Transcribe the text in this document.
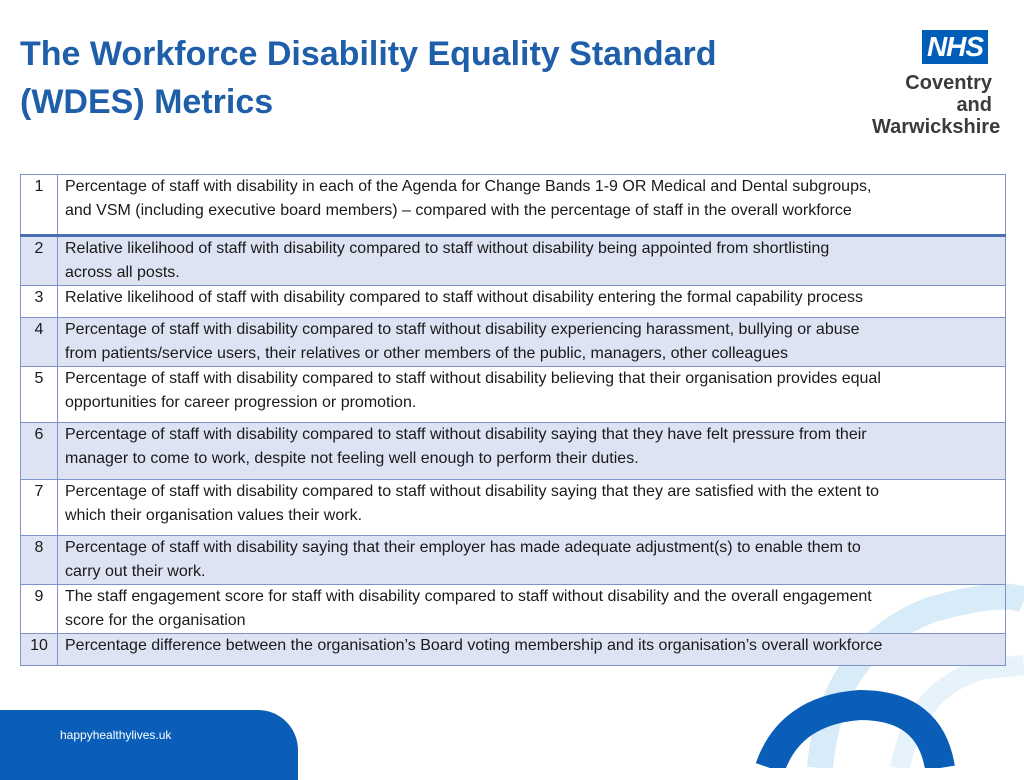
The Workforce Disability Equality Standard
(WDES) Metrics
NHS
Coventry and
Warwickshire
1	Percentage of staff with disability in each of the Agenda for Change Bands 1-9 OR Medical and Dental subgroups,
and VSM (including executive board members) – compared with the percentage of staff in the overall workforce

2	Relative likelihood of staff with disability compared to staff without disability being appointed from shortlisting
across all posts.

3	Relative likelihood of staff with disability compared to staff without disability entering the formal capability process

4	Percentage of staff with disability compared to staff without disability experiencing harassment, bullying or abuse
from patients/service users, their relatives or other members of the public, managers, other colleagues

5	Percentage of staff with disability compared to staff without disability believing that their organisation provides equal
opportunities for career progression or promotion.

6	Percentage of staff with disability compared to staff without disability saying that they have felt pressure from their
manager to come to work, despite not feeling well enough to perform their duties.

7	Percentage of staff with disability compared to staff without disability saying that they are satisfied with the extent to
which their organisation values their work.

8	Percentage of staff with disability saying that their employer has made adequate adjustment(s) to enable them to
carry out their work.

9	The staff engagement score for staff with disability compared to staff without disability and the overall engagement
score for the organisation

10	Percentage difference between the organisation’s Board voting membership and its organisation’s overall workforce
happyhealthylives.uk
